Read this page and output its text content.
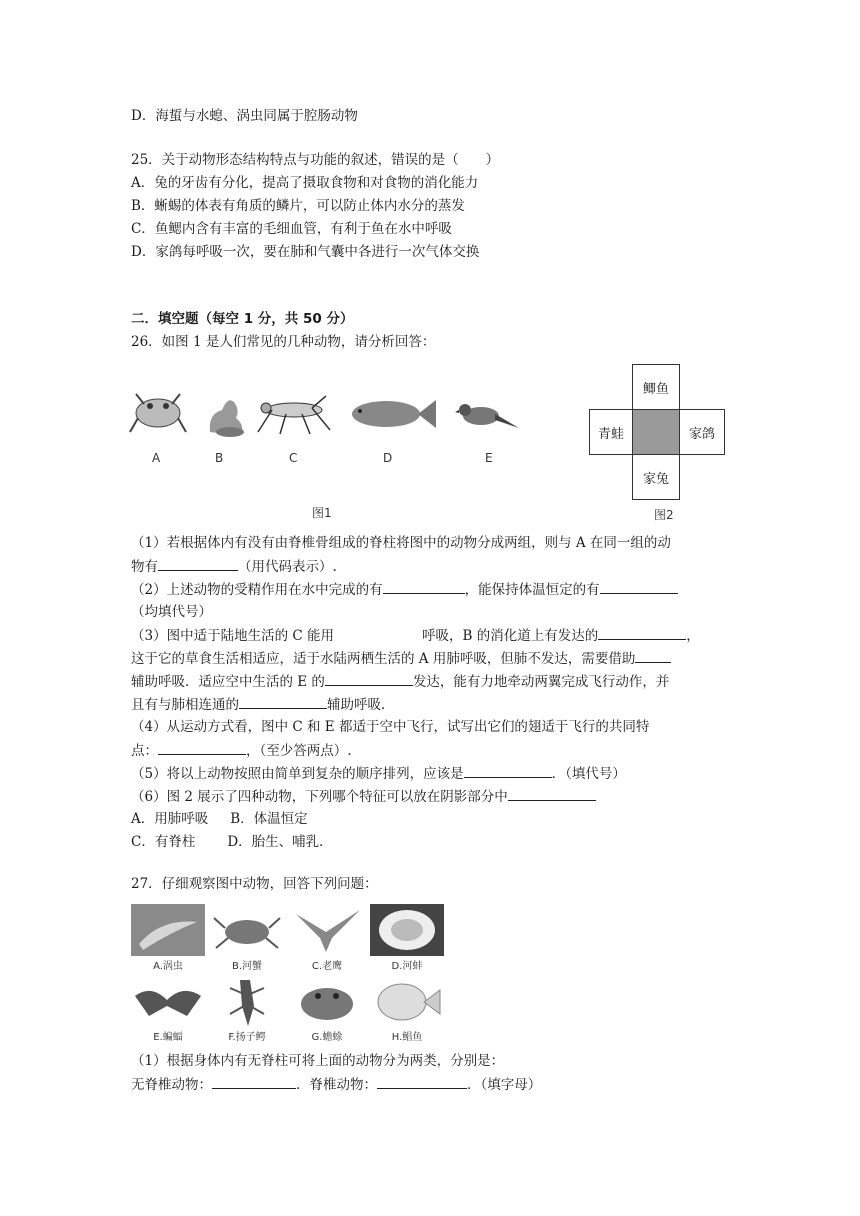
D．海蜇与水螅、涡虫同属于腔肠动物
25．关于动物形态结构特点与功能的叙述，错误的是（　　）
A．兔的牙齿有分化，提高了摄取食物和对食物的消化能力
B．蜥蜴的体表有角质的鳞片，可以防止体内水分的蒸发
C．鱼鳃内含有丰富的毛细血管，有利于鱼在水中呼吸
D．家鸽每呼吸一次，要在肺和气囊中各进行一次气体交换
二．填空题（每空 1 分，共 50 分）
26．如图 1 是人们常见的几种动物，请分析回答：
A	B	C	D	E
图1
鲫鱼
青蛙	家鸽
家兔
图2
（1）若根据体内有没有由脊椎骨组成的脊柱将图中的动物分成两组，则与 A 在同一组的动
物有	（用代码表示）.
（2）上述动物的受精作用在水中完成的有	，能保持体温恒定的有
（均填代号）
（3）图中适于陆地生活的 C 能用	呼吸，B 的消化道上有发达的	，
这于它的草食生活相适应，适于水陆两栖生活的 A 用肺呼吸，但肺不发达，需要借助
辅助呼吸．适应空中生活的 E 的	发达，能有力地牵动两翼完成飞行动作，并
且有与肺相连通的	辅助呼吸．
（4）从运动方式看，图中 C 和 E 都适于空中飞行，试写出它们的翅适于飞行的共同特
点：	，（至少答两点）.
（5）将以上动物按照由简单到复杂的顺序排列，应该是	．（填代号）
（6）图 2 展示了四种动物，下列哪个特征可以放在阴影部分中
A．用肺呼吸 B．体温恒定
C．有脊柱 D．胎生、哺乳．
27．仔细观察图中动物，回答下列问题：
A.涡虫	B.河蟹	C.老鹰	D.河蚌
E.蝙蝠	F.扬子鳄	G.蟾蜍	H.鲳鱼
（1）根据身体内有无脊柱可将上面的动物分为两类，分别是：
无脊椎动物：	．脊椎动物：	．（填字母）
